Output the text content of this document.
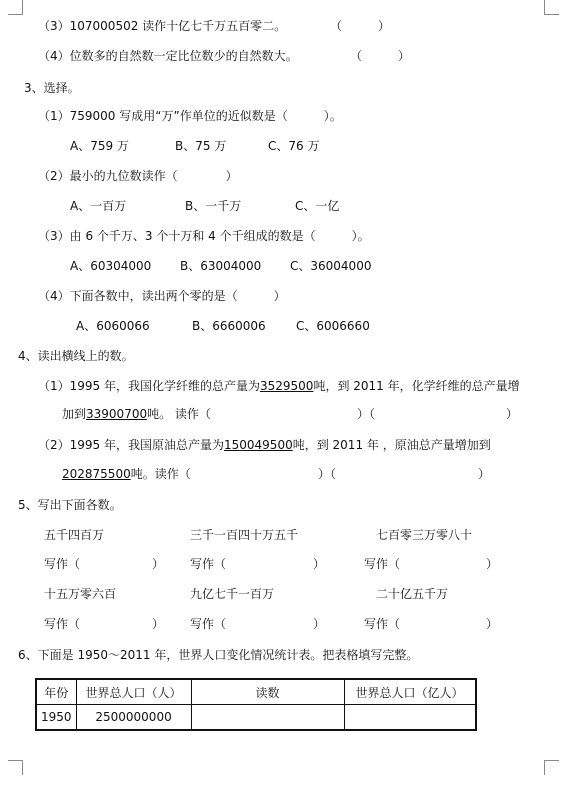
（3）107000502 读作十亿七千万五百零二。	（　　　）
（4）位数多的自然数一定比位数少的自然数大。	（　　　）
3、选择。
（1）759000 写成用“万”作单位的近似数是（　　　）。
A、759 万	B、75 万	C、76 万
（2）最小的九位数读作（　　　　）
A、一百万	B、一千万	C、一亿
（3）由 6 个千万、3 个十万和 4 个千组成的数是（　　　）。
A、60304000 B、63004000 C、36004000
（4）下面各数中，读出两个零的是（　　　）
A、6060066	B、6660006	C、6006660
4、读出横线上的数。
（1）1995 年，我国化学纤维的总产量为3529500吨，到 2011 年，化学纤维的总产量增
加到33900700吨。 读作（	）（	）
（2）1995 年，我国原油总产量为150049500吨，到 2011 年 ，原油总产量增加到
202875500吨。读作（	）（	）
5、写出下面各数。
五千四百万	三千一百四十万五千	七百零三万零八十
写作（	） 写作（	）	写作（	）
十五万零六百	九亿七千一百万	二十亿五千万
写作（	） 写作（	）	写作（	）
6、下面是 1950～2011 年，世界人口变化情况统计表。把表格填写完整。
年份	世界总人口（人）	读数	世界总人口（亿人）
1950	2500000000		
